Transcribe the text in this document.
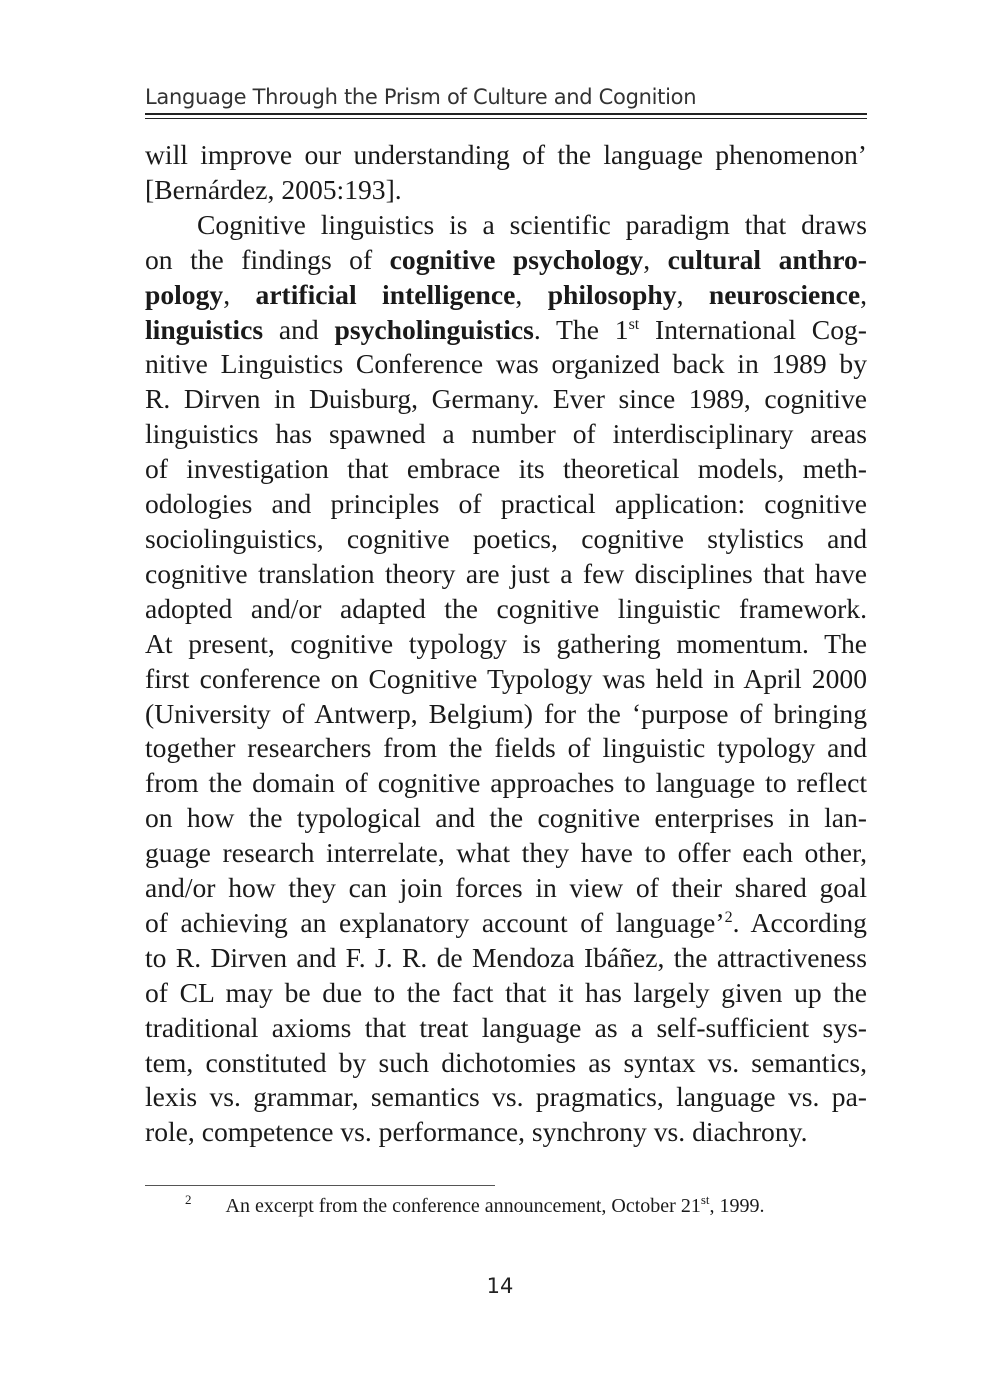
Language Through the Prism of Culture and Cognition
will improve our understanding of the language phenomenon’
[Bernárdez, 2005:193].
Cognitive linguistics is a scientific paradigm that draws
on the findings of cognitive psychology, cultural anthro-
pology, artificial intelligence, philosophy, neuroscience,
linguistics and psycholinguistics. The 1st International Cog-
nitive Linguistics Conference was organized back in 1989 by
R. Dirven in Duisburg, Germany. Ever since 1989, cognitive
linguistics has spawned a number of interdisciplinary areas
of investigation that embrace its theoretical models, meth-
odologies and principles of practical application: cognitive
sociolinguistics, cognitive poetics, cognitive stylistics and
cognitive translation theory are just a few disciplines that have
adopted and/or adapted the cognitive linguistic framework.
At present, cognitive typology is gathering momentum. The
first conference on Cognitive Typology was held in April 2000
(University of Antwerp, Belgium) for the ‘purpose of bringing
together researchers from the fields of linguistic typology and
from the domain of cognitive approaches to language to reflect
on how the typological and the cognitive enterprises in lan-
guage research interrelate, what they have to offer each other,
and/or how they can join forces in view of their shared goal
of achieving an explanatory account of language’$^2$. According
to R. Dirven and F. J. R. de Mendoza Ibáñez, the attractiveness
of CL may be due to the fact that it has largely given up the
traditional axioms that treat language as a self-sufficient sys-
tem, constituted by such dichotomies as syntax vs. semantics,
lexis vs. grammar, semantics vs. pragmatics, language vs. pa-
role, competence vs. performance, synchrony vs. diachrony.
$^2$ An excerpt from the conference announcement, October 21st, 1999.
14
